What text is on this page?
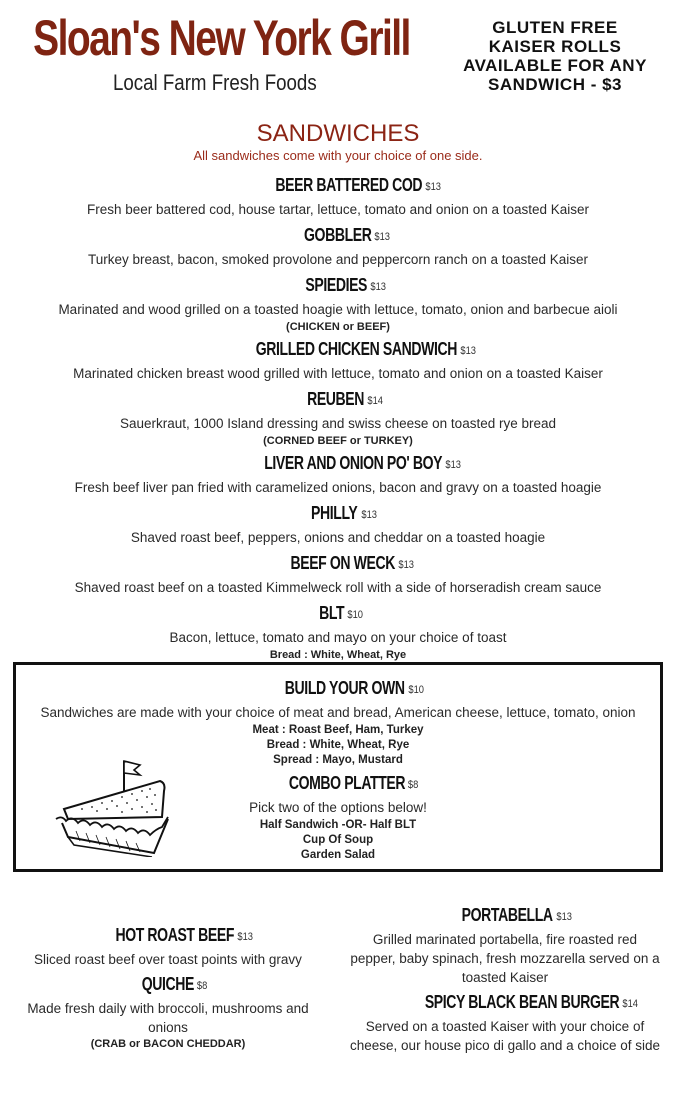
Sloan's New York Grill
Local Farm Fresh Foods
GLUTEN FREE
KAISER ROLLS
AVAILABLE FOR ANY
SANDWICH - $3
SANDWICHES
All sandwiches come with your choice of one side.
BEER BATTERED COD $13
Fresh beer battered cod, house tartar, lettuce, tomato and onion on a toasted Kaiser
GOBBLER $13
Turkey breast, bacon, smoked provolone and peppercorn ranch on a toasted Kaiser
SPIEDIES $13
Marinated and wood grilled on a toasted hoagie with lettuce, tomato, onion and barbecue aioli
(CHICKEN or BEEF)
GRILLED CHICKEN SANDWICH $13
Marinated chicken breast wood grilled with lettuce, tomato and onion on a toasted Kaiser
REUBEN $14
Sauerkraut, 1000 Island dressing and swiss cheese on toasted rye bread
(CORNED BEEF or TURKEY)
LIVER AND ONION PO' BOY $13
Fresh beef liver pan fried with caramelized onions, bacon and gravy on a toasted hoagie
PHILLY $13
Shaved roast beef, peppers, onions and cheddar on a toasted hoagie
BEEF ON WECK $13
Shaved roast beef on a toasted Kimmelweck roll with a side of horseradish cream sauce
BLT $10
Bacon, lettuce, tomato and mayo on your choice of toast
Bread : White, Wheat, Rye
BUILD YOUR OWN $10
Sandwiches are made with your choice of meat and bread, American cheese, lettuce, tomato, onion
Meat : Roast Beef, Ham, Turkey
Bread : White, Wheat, Rye
Spread : Mayo, Mustard
COMBO PLATTER $8
Pick two of the options below!
Half Sandwich -OR- Half BLT
Cup Of Soup
Garden Salad
HOT ROAST BEEF $13
Sliced roast beef over toast points with gravy
QUICHE $8
Made fresh daily with broccoli, mushrooms and onions
(CRAB or BACON CHEDDAR)
PORTABELLA $13
Grilled marinated portabella, fire roasted red pepper, baby spinach, fresh mozzarella served on a toasted Kaiser
SPICY BLACK BEAN BURGER $14
Served on a toasted Kaiser with your choice of cheese, our house pico di gallo and a choice of side
